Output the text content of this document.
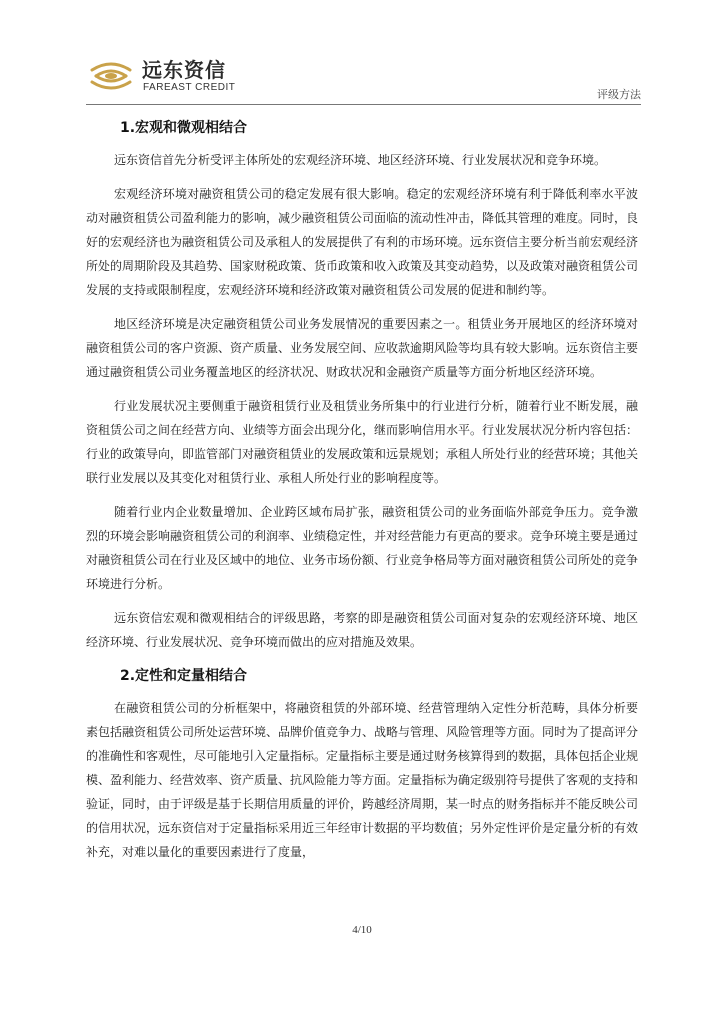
远东资信
FAREAST CREDIT
评级方法
1.宏观和微观相结合

远东资信首先分析受评主体所处的宏观经济环境、地区经济环境、行业发展状况和竞争环境。

宏观经济环境对融资租赁公司的稳定发展有很大影响。稳定的宏观经济环境有利于降低利率水平波动对融资租赁公司盈利能力的影响，减少融资租赁公司面临的流动性冲击，降低其管理的难度。同时，良好的宏观经济也为融资租赁公司及承租人的发展提供了有利的市场环境。远东资信主要分析当前宏观经济所处的周期阶段及其趋势、国家财税政策、货币政策和收入政策及其变动趋势，以及政策对融资租赁公司发展的支持或限制程度，宏观经济环境和经济政策对融资租赁公司发展的促进和制约等。

地区经济环境是决定融资租赁公司业务发展情况的重要因素之一。租赁业务开展地区的经济环境对融资租赁公司的客户资源、资产质量、业务发展空间、应收款逾期风险等均具有较大影响。远东资信主要通过融资租赁公司业务覆盖地区的经济状况、财政状况和金融资产质量等方面分析地区经济环境。

行业发展状况主要侧重于融资租赁行业及租赁业务所集中的行业进行分析，随着行业不断发展，融资租赁公司之间在经营方向、业绩等方面会出现分化，继而影响信用水平。行业发展状况分析内容包括：行业的政策导向，即监管部门对融资租赁业的发展政策和远景规划；承租人所处行业的经营环境；其他关联行业发展以及其变化对租赁行业、承租人所处行业的影响程度等。

随着行业内企业数量增加、企业跨区域布局扩张，融资租赁公司的业务面临外部竞争压力。竞争激烈的环境会影响融资租赁公司的利润率、业绩稳定性，并对经营能力有更高的要求。竞争环境主要是通过对融资租赁公司在行业及区域中的地位、业务市场份额、行业竞争格局等方面对融资租赁公司所处的竞争环境进行分析。

远东资信宏观和微观相结合的评级思路，考察的即是融资租赁公司面对复杂的宏观经济环境、地区经济环境、行业发展状况、竞争环境而做出的应对措施及效果。

2.定性和定量相结合

在融资租赁公司的分析框架中，将融资租赁的外部环境、经营管理纳入定性分析范畴，具体分析要素包括融资租赁公司所处运营环境、品牌价值竞争力、战略与管理、风险管理等方面。同时为了提高评分的准确性和客观性，尽可能地引入定量指标。定量指标主要是通过财务核算得到的数据，具体包括企业规模、盈利能力、经营效率、资产质量、抗风险能力等方面。定量指标为确定级别符号提供了客观的支持和验证，同时，由于评级是基于长期信用质量的评价，跨越经济周期，某一时点的财务指标并不能反映公司的信用状况，远东资信对于定量指标采用近三年经审计数据的平均数值；另外定性评价是定量分析的有效补充，对难以量化的重要因素进行了度量，

4/10
